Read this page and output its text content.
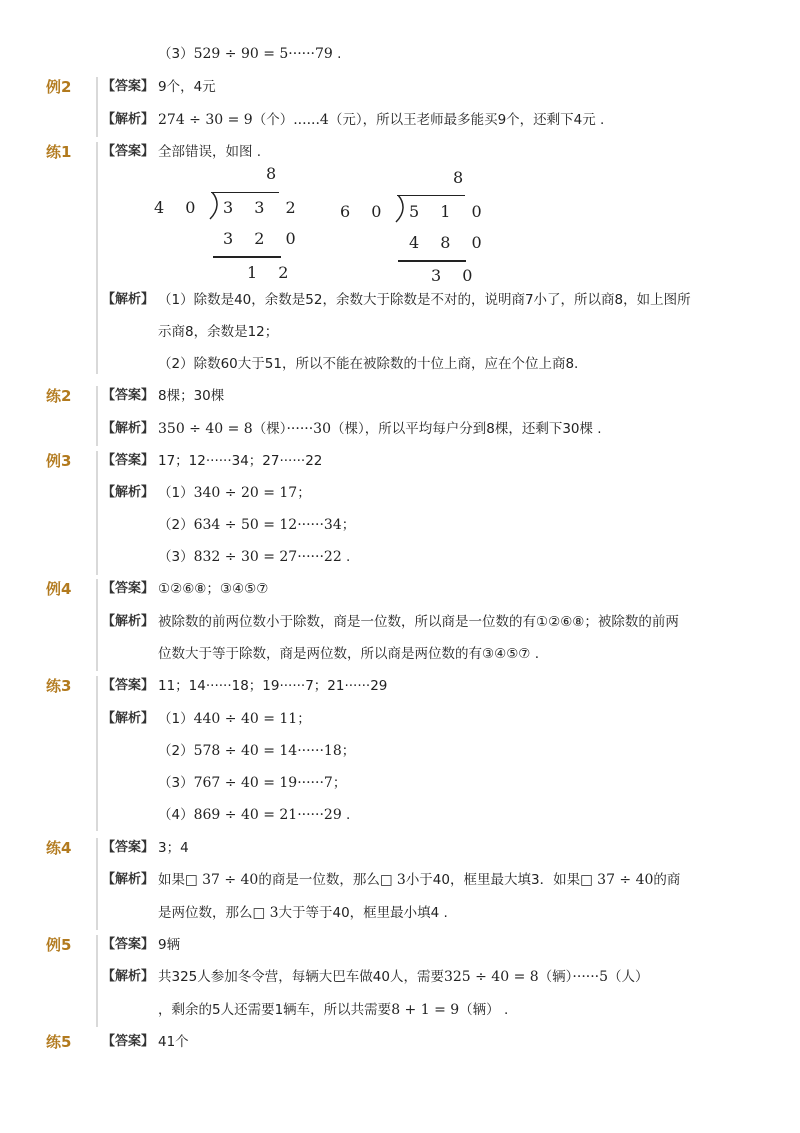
（3）529 ÷ 90 = 5······79 .
例2 【答案】 9个，4元
【解析】 274 ÷ 30 = 9（个）......4（元），所以王老师最多能买9个，还剩下4元 .
练1 【答案】 全部错误，如图 .
8
4 0 3 3 2
3 2 0
1 2
8
6 0 5 1 0
4 8 0
3 0
【解析】 （1）除数是40，余数是52，余数大于除数是不对的，说明商7小了，所以商8，如上图所
示商8，余数是12；
（2）除数60大于51，所以不能在被除数的十位上商，应在个位上商8.
练2 【答案】 8棵；30棵
【解析】 350 ÷ 40 = 8（棵）······30（棵），所以平均每户分到8棵，还剩下30棵 .
例3 【答案】 17；12······34；27······22
【解析】 （1）340 ÷ 20 = 17；
（2）634 ÷ 50 = 12······34；
（3）832 ÷ 30 = 27······22 .
例4 【答案】 ①②⑥⑧；③④⑤⑦
【解析】 被除数的前两位数小于除数，商是一位数，所以商是一位数的有①②⑥⑧；被除数的前两
位数大于等于除数，商是两位数，所以商是两位数的有③④⑤⑦ .
练3 【答案】 11；14······18；19······7；21······29
【解析】 （1）440 ÷ 40 = 11；
（2）578 ÷ 40 = 14······18；
（3）767 ÷ 40 = 19······7；
（4）869 ÷ 40 = 21······29 .
练4 【答案】 3；4
【解析】 如果□ 37 ÷ 40的商是一位数，那么□ 3小于40，框里最大填3．如果□ 37 ÷ 40的商
是两位数，那么□ 3大于等于40，框里最小填4 .
例5 【答案】 9辆
【解析】 共325人参加冬令营，每辆大巴车做40人，需要325 ÷ 40 = 8（辆）······5（人）
，剩余的5人还需要1辆车，所以共需要8 + 1 = 9（辆） .
练5 【答案】 41个
